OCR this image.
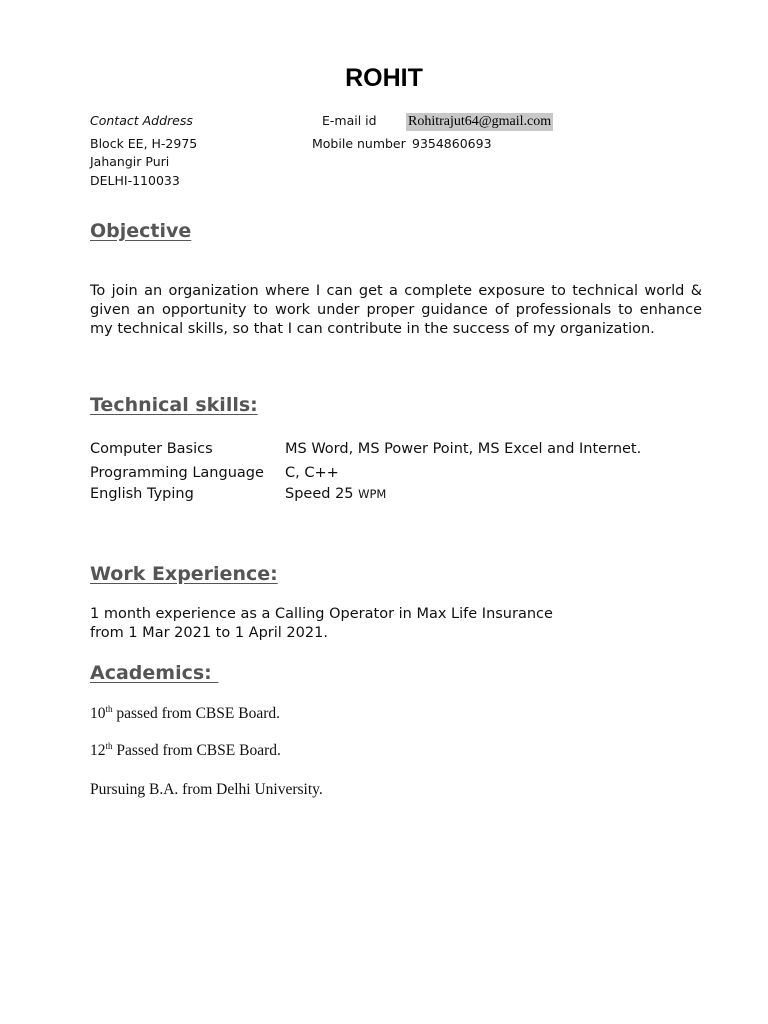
ROHIT
Contact Address
Block EE, H-2975
Jahangir Puri
DELHI-110033
E-mail id Rohitrajut64@gmail.com
Mobile number 9354860693
Objective
To join an organization where I can get a complete exposure to technical world & given an opportunity to work under proper guidance of professionals to enhance my technical skills, so that I can contribute in the success of my organization.
Technical skills:
Computer Basics	MS Word, MS Power Point, MS Excel and Internet.
Programming Language C, C++
English Typing	Speed 25 WPM
Work Experience:
1 month experience as a Calling Operator in Max Life Insurance
from 1 Mar 2021 to 1 April 2021.
Academics:
10th passed from CBSE Board.
12th Passed from CBSE Board.
Pursuing B.A. from Delhi University.
